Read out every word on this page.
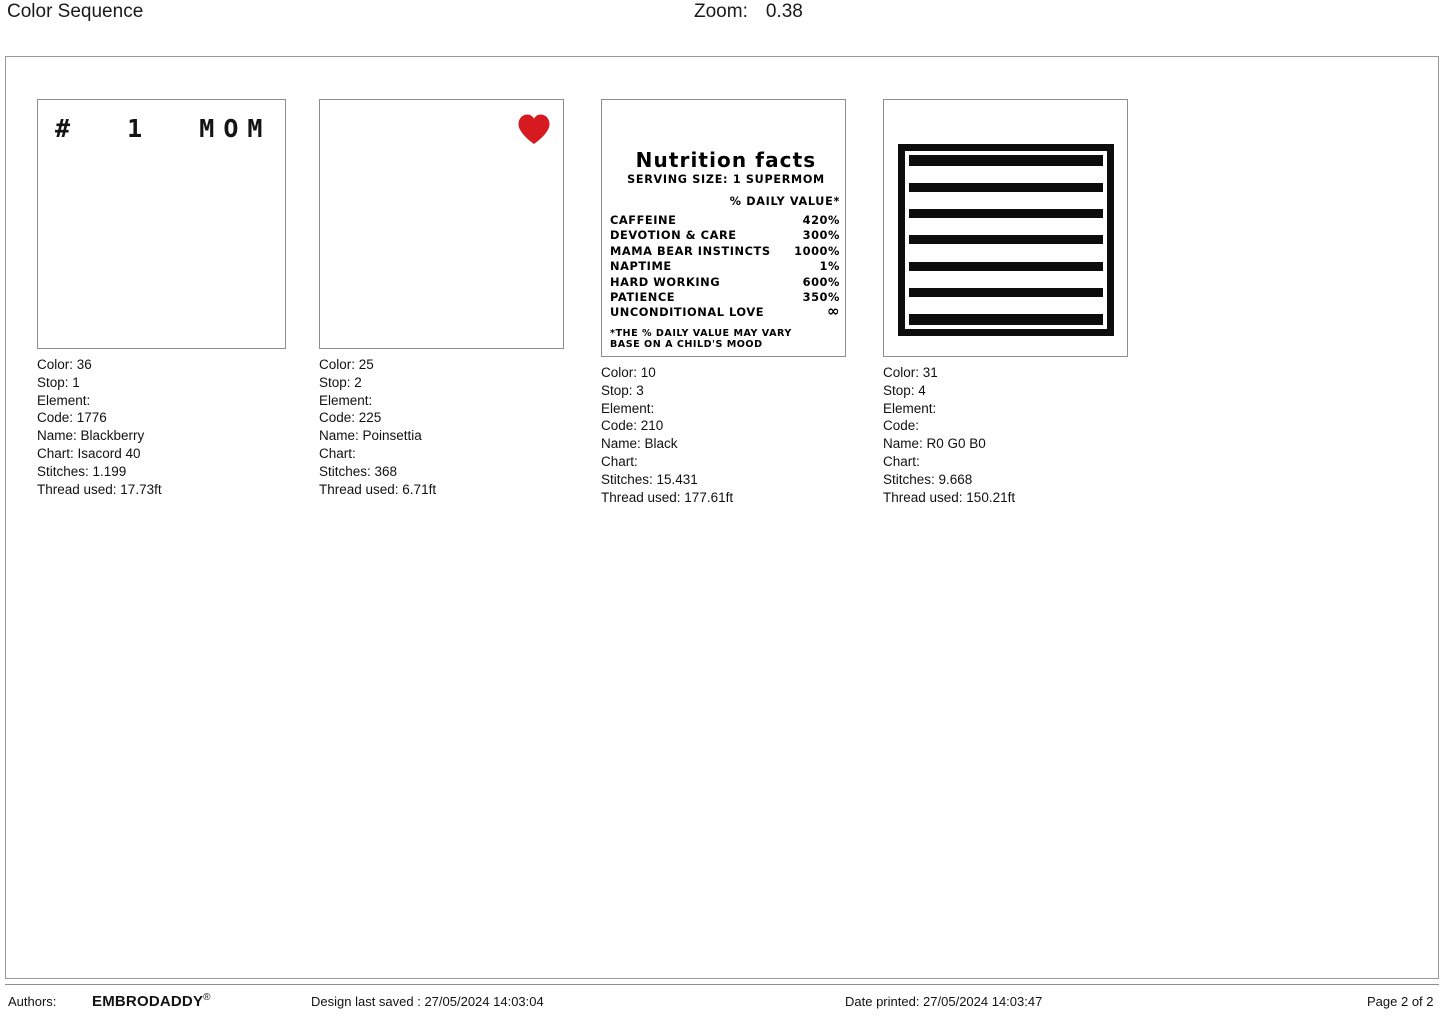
Color Sequence	Zoom: 0.38
#  1  MOM
Color: 36
Stop: 1
Element:
Code: 1776
Name: Blackberry
Chart: Isacord 40
Stitches: 1.199
Thread used: 17.73ft
Color: 25
Stop: 2
Element:
Code: 225
Name: Poinsettia
Chart:
Stitches: 368
Thread used: 6.71ft
Nutrition facts
SERVING SIZE: 1 SUPERMOM
% DAILY VALUE*
CAFFEINE	420%
DEVOTION & CARE	300%
MAMA BEAR INSTINCTS 1000%
NAPTIME	1%
HARD WORKING	600%
PATIENCE	350%
UNCONDITIONAL LOVE	∞
*THE % DAILY VALUE MAY VARY
BASE ON A CHILD'S MOOD
Color: 10
Stop: 3
Element:
Code: 210
Name: Black
Chart:
Stitches: 15.431
Thread used: 177.61ft
Color: 31
Stop: 4
Element:
Code:
Name: R0 G0 B0
Chart:
Stitches: 9.668
Thread used: 150.21ft
Authors: EMBRODADDY®	Design last saved : 27/05/2024 14:03:04	Date printed: 27/05/2024 14:03:47	Page 2 of 2
